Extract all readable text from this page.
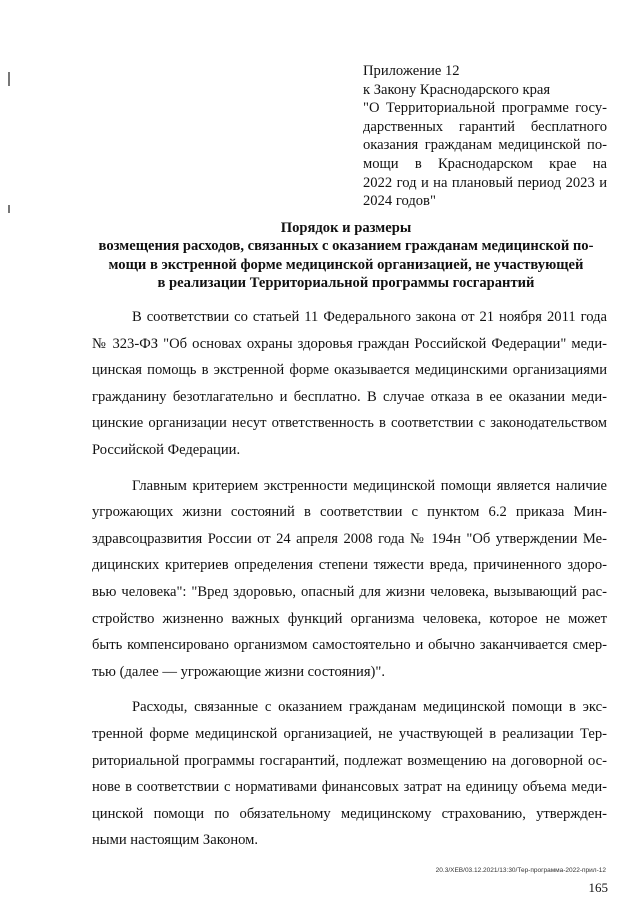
Приложение 12
к Закону Краснодарского края
"О Территориальной программе госу-
дарственных гарантий бесплатного
оказания гражданам медицинской по-
мощи в Краснодарском крае на
2022 год и на плановый период 2023 и
2024 годов"
Порядок и размеры
возмещения расходов, связанных с оказанием гражданам медицинской по-
мощи в экстренной форме медицинской организацией, не участвующей
в реализации Территориальной программы госгарантий
В соответствии со статьей 11 Федерального закона от 21 ноября 2011 года
№ 323-ФЗ "Об основах охраны здоровья граждан Российской Федерации" меди-
цинская помощь в экстренной форме оказывается медицинскими организациями
гражданину безотлагательно и бесплатно. В случае отказа в ее оказании меди-
цинские организации несут ответственность в соответствии с законодательством
Российской Федерации.
Главным критерием экстренности медицинской помощи является наличие
угрожающих жизни состояний в соответствии с пунктом 6.2 приказа Мин-
здравсоцразвития России от 24 апреля 2008 года № 194н "Об утверждении Ме-
дицинских критериев определения степени тяжести вреда, причиненного здоро-
вью человека": "Вред здоровью, опасный для жизни человека, вызывающий рас-
стройство жизненно важных функций организма человека, которое не может
быть компенсировано организмом самостоятельно и обычно заканчивается смер-
тью (далее — угрожающие жизни состояния)".
Расходы, связанные с оказанием гражданам медицинской помощи в экс-
тренной форме медицинской организацией, не участвующей в реализации Тер-
риториальной программы госгарантий, подлежат возмещению на договорной ос-
нове в соответствии с нормативами финансовых затрат на единицу объема меди-
цинской помощи по обязательному медицинскому страхованию, утвержден-
ными настоящим Законом.
20.3/XEB/03.12.2021/13:30/Тер-программа-2022-прил-12
165
